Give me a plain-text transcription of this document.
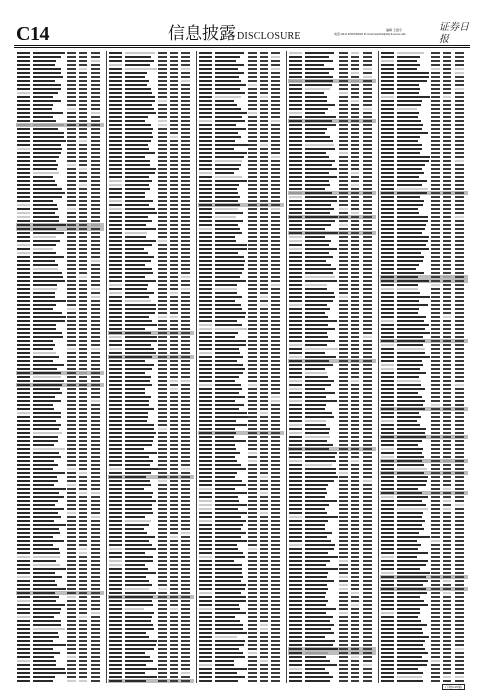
C14	信息披露DISCLOSURE
编辑 王振宇
电话:010-63070000 E-mail:zqrb9@zqrb.sina.net
证券日报
(下转C15版)
